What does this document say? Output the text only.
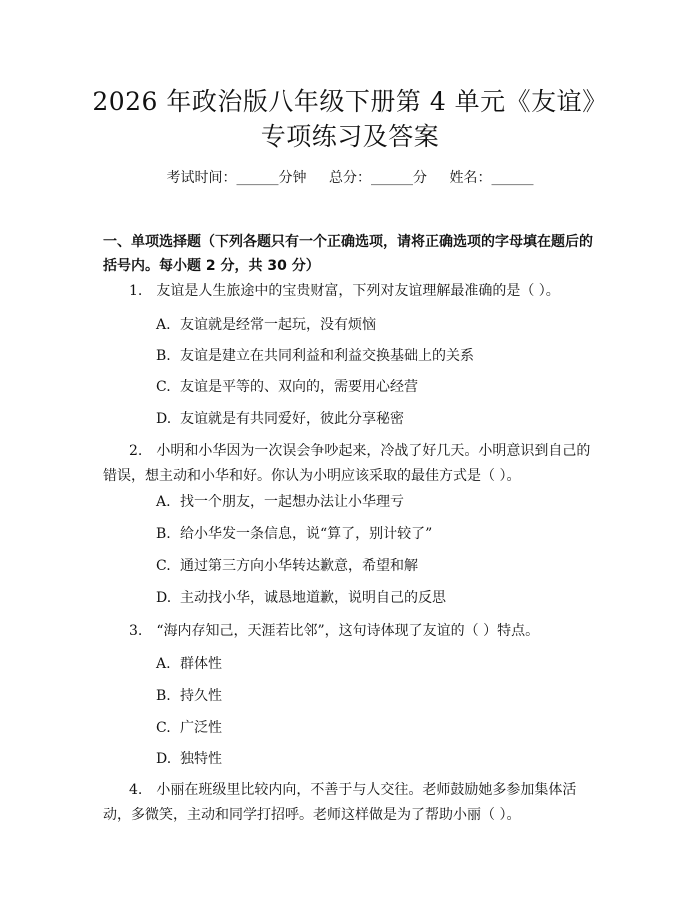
2026 年政治版八年级下册第 4 单元《友谊》
专项练习及答案
考试时间：______分钟 总分：______分 姓名：______
一、单项选择题（下列各题只有一个正确选项，请将正确选项的字母填在题后的括号内。每小题 2 分，共 30 分）
1. 友谊是人生旅途中的宝贵财富，下列对友谊理解最准确的是（ ）。
A. 友谊就是经常一起玩，没有烦恼
B. 友谊是建立在共同利益和利益交换基础上的关系
C. 友谊是平等的、双向的，需要用心经营
D. 友谊就是有共同爱好，彼此分享秘密
2. 小明和小华因为一次误会争吵起来，冷战了好几天。小明意识到自己的错误，想主动和小华和好。你认为小明应该采取的最佳方式是（ ）。
A. 找一个朋友，一起想办法让小华理亏
B. 给小华发一条信息，说“算了，别计较了”
C. 通过第三方向小华转达歉意，希望和解
D. 主动找小华，诚恳地道歉，说明自己的反思
3. “海内存知己，天涯若比邻”，这句诗体现了友谊的（ ）特点。
A. 群体性
B. 持久性
C. 广泛性
D. 独特性
4. 小丽在班级里比较内向，不善于与人交往。老师鼓励她多参加集体活动，多微笑，主动和同学打招呼。老师这样做是为了帮助小丽（ ）。
